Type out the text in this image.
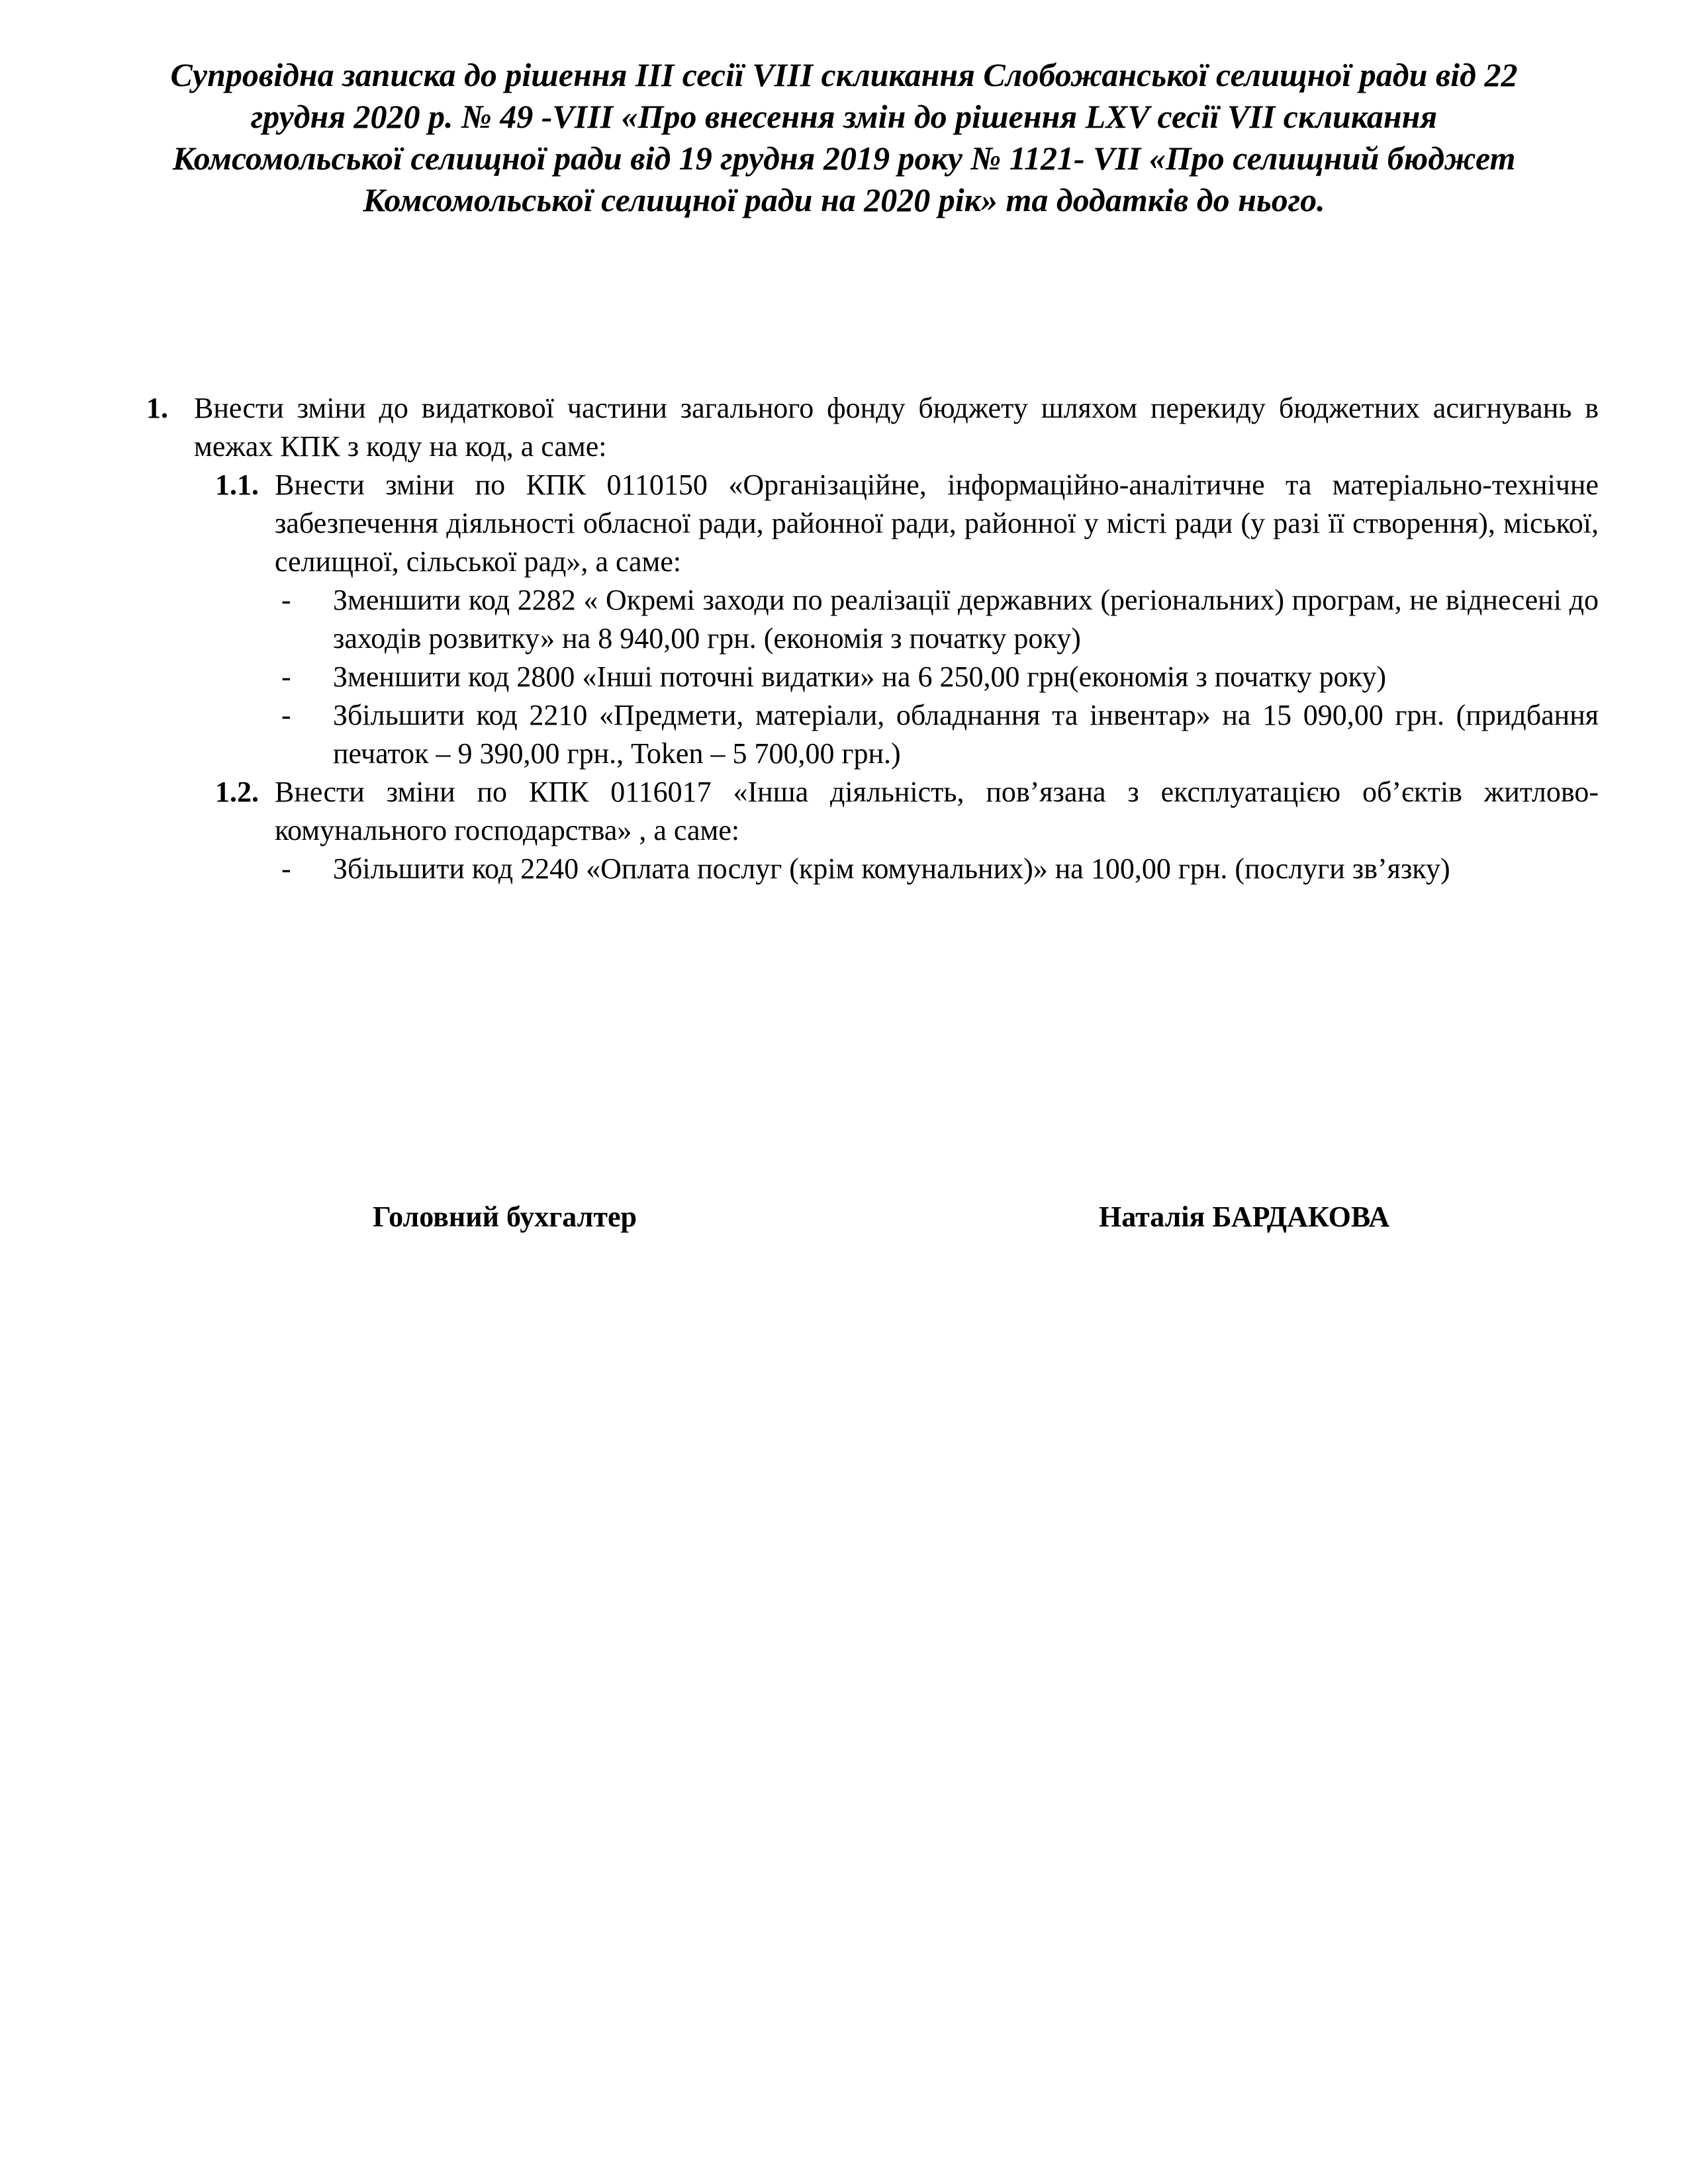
Супровідна записка до рішення III сесії VIII скликання Слобожанської селищної ради від 22 грудня 2020 р. № 49 -VIII «Про внесення змін до рішення LXV сесії VII скликання Комсомольської селищної ради від 19 грудня 2019 року № 1121- VII «Про селищний бюджет Комсомольської селищної ради на 2020 рік» та додатків до нього.

1. Внести зміни до видаткової частини загального фонду бюджету шляхом перекиду бюджетних асигнувань в межах КПК з коду на код, а саме:
1.1. Внести зміни по КПК 0110150 «Організаційне, інформаційно-аналітичне та матеріально-технічне забезпечення діяльності обласної ради, районної ради, районної у місті ради (у разі її створення), міської, селищної, сільської рад», а саме:
- Зменшити код 2282 « Окремі заходи по реалізації державних (регіональних) програм, не віднесені до заходів розвитку» на 8 940,00 грн. (економія з початку року)
- Зменшити код 2800 «Інші поточні видатки» на 6 250,00 грн(економія з початку року)
- Збільшити код 2210 «Предмети, матеріали, обладнання та інвентар» на 15 090,00 грн. (придбання печаток – 9 390,00 грн., Token – 5 700,00 грн.)
1.2. Внести зміни по КПК 0116017 «Інша діяльність, пов’язана з експлуатацією об’єктів житлово-комунального господарства» , а саме:
- Збільшити код 2240 «Оплата послуг (крім комунальних)» на 100,00 грн. (послуги зв’язку)
Головний бухгалтер	Наталія БАРДАКОВА
